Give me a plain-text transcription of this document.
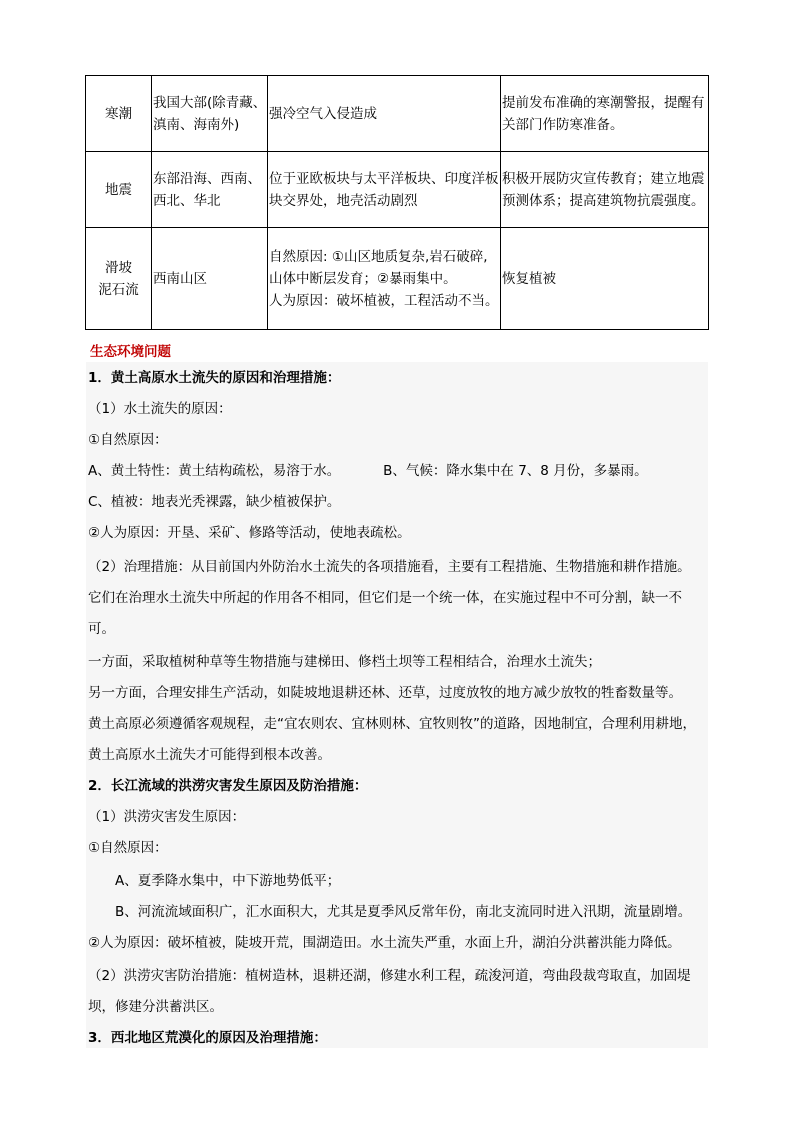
寒潮	我国大部(除青藏、
滇南、海南外)	强冷空气入侵造成	提前发布准确的寒潮警报，提醒有
关部门作防寒准备。

地震	东部沿海、西南、
西北、华北	位于亚欧板块与太平洋板块、印度洋板
块交界处，地壳活动剧烈	积极开展防灾宣传教育；建立地震
预测体系；提高建筑物抗震强度。

滑坡
泥石流	西南山区	自然原因: ①山区地质复杂,岩石破碎,
山体中断层发育；②暴雨集中。
人为原因：破坏植被，工程活动不当。	恢复植被
生态环境问题
1．黄土高原水土流失的原因和治理措施：
（1）水土流失的原因：
①自然原因：
A、黄土特性：黄土结构疏松，易溶于水。          B、气候：降水集中在 7、8 月份，多暴雨。
C、植被：地表光秃裸露，缺少植被保护。
②人为原因：开垦、采矿、修路等活动，使地表疏松。
（2）治理措施：从目前国内外防治水土流失的各项措施看，主要有工程措施、生物措施和耕作措施。
它们在治理水土流失中所起的作用各不相同，但它们是一个统一体，在实施过程中不可分割，缺一不
可。
一方面，采取植树种草等生物措施与建梯田、修档土坝等工程相结合，治理水土流失；
另一方面，合理安排生产活动，如陡坡地退耕还林、还草，过度放牧的地方减少放牧的牲畜数量等。
黄土高原必须遵循客观规程，走“宜农则农、宜林则林、宜牧则牧”的道路，因地制宜，合理利用耕地，
黄土高原水土流失才可能得到根本改善。
2．长江流域的洪涝灾害发生原因及防治措施：
（1）洪涝灾害发生原因：
①自然原因：
A、夏季降水集中，中下游地势低平；
B、河流流域面积广，汇水面积大，尤其是夏季风反常年份，南北支流同时进入汛期，流量剧增。
②人为原因：破坏植被，陡坡开荒，围湖造田。水土流失严重，水面上升，湖泊分洪蓄洪能力降低。
（2）洪涝灾害防治措施：植树造林，退耕还湖，修建水利工程，疏浚河道，弯曲段裁弯取直，加固堤
坝，修建分洪蓄洪区。
3．西北地区荒漠化的原因及治理措施：
